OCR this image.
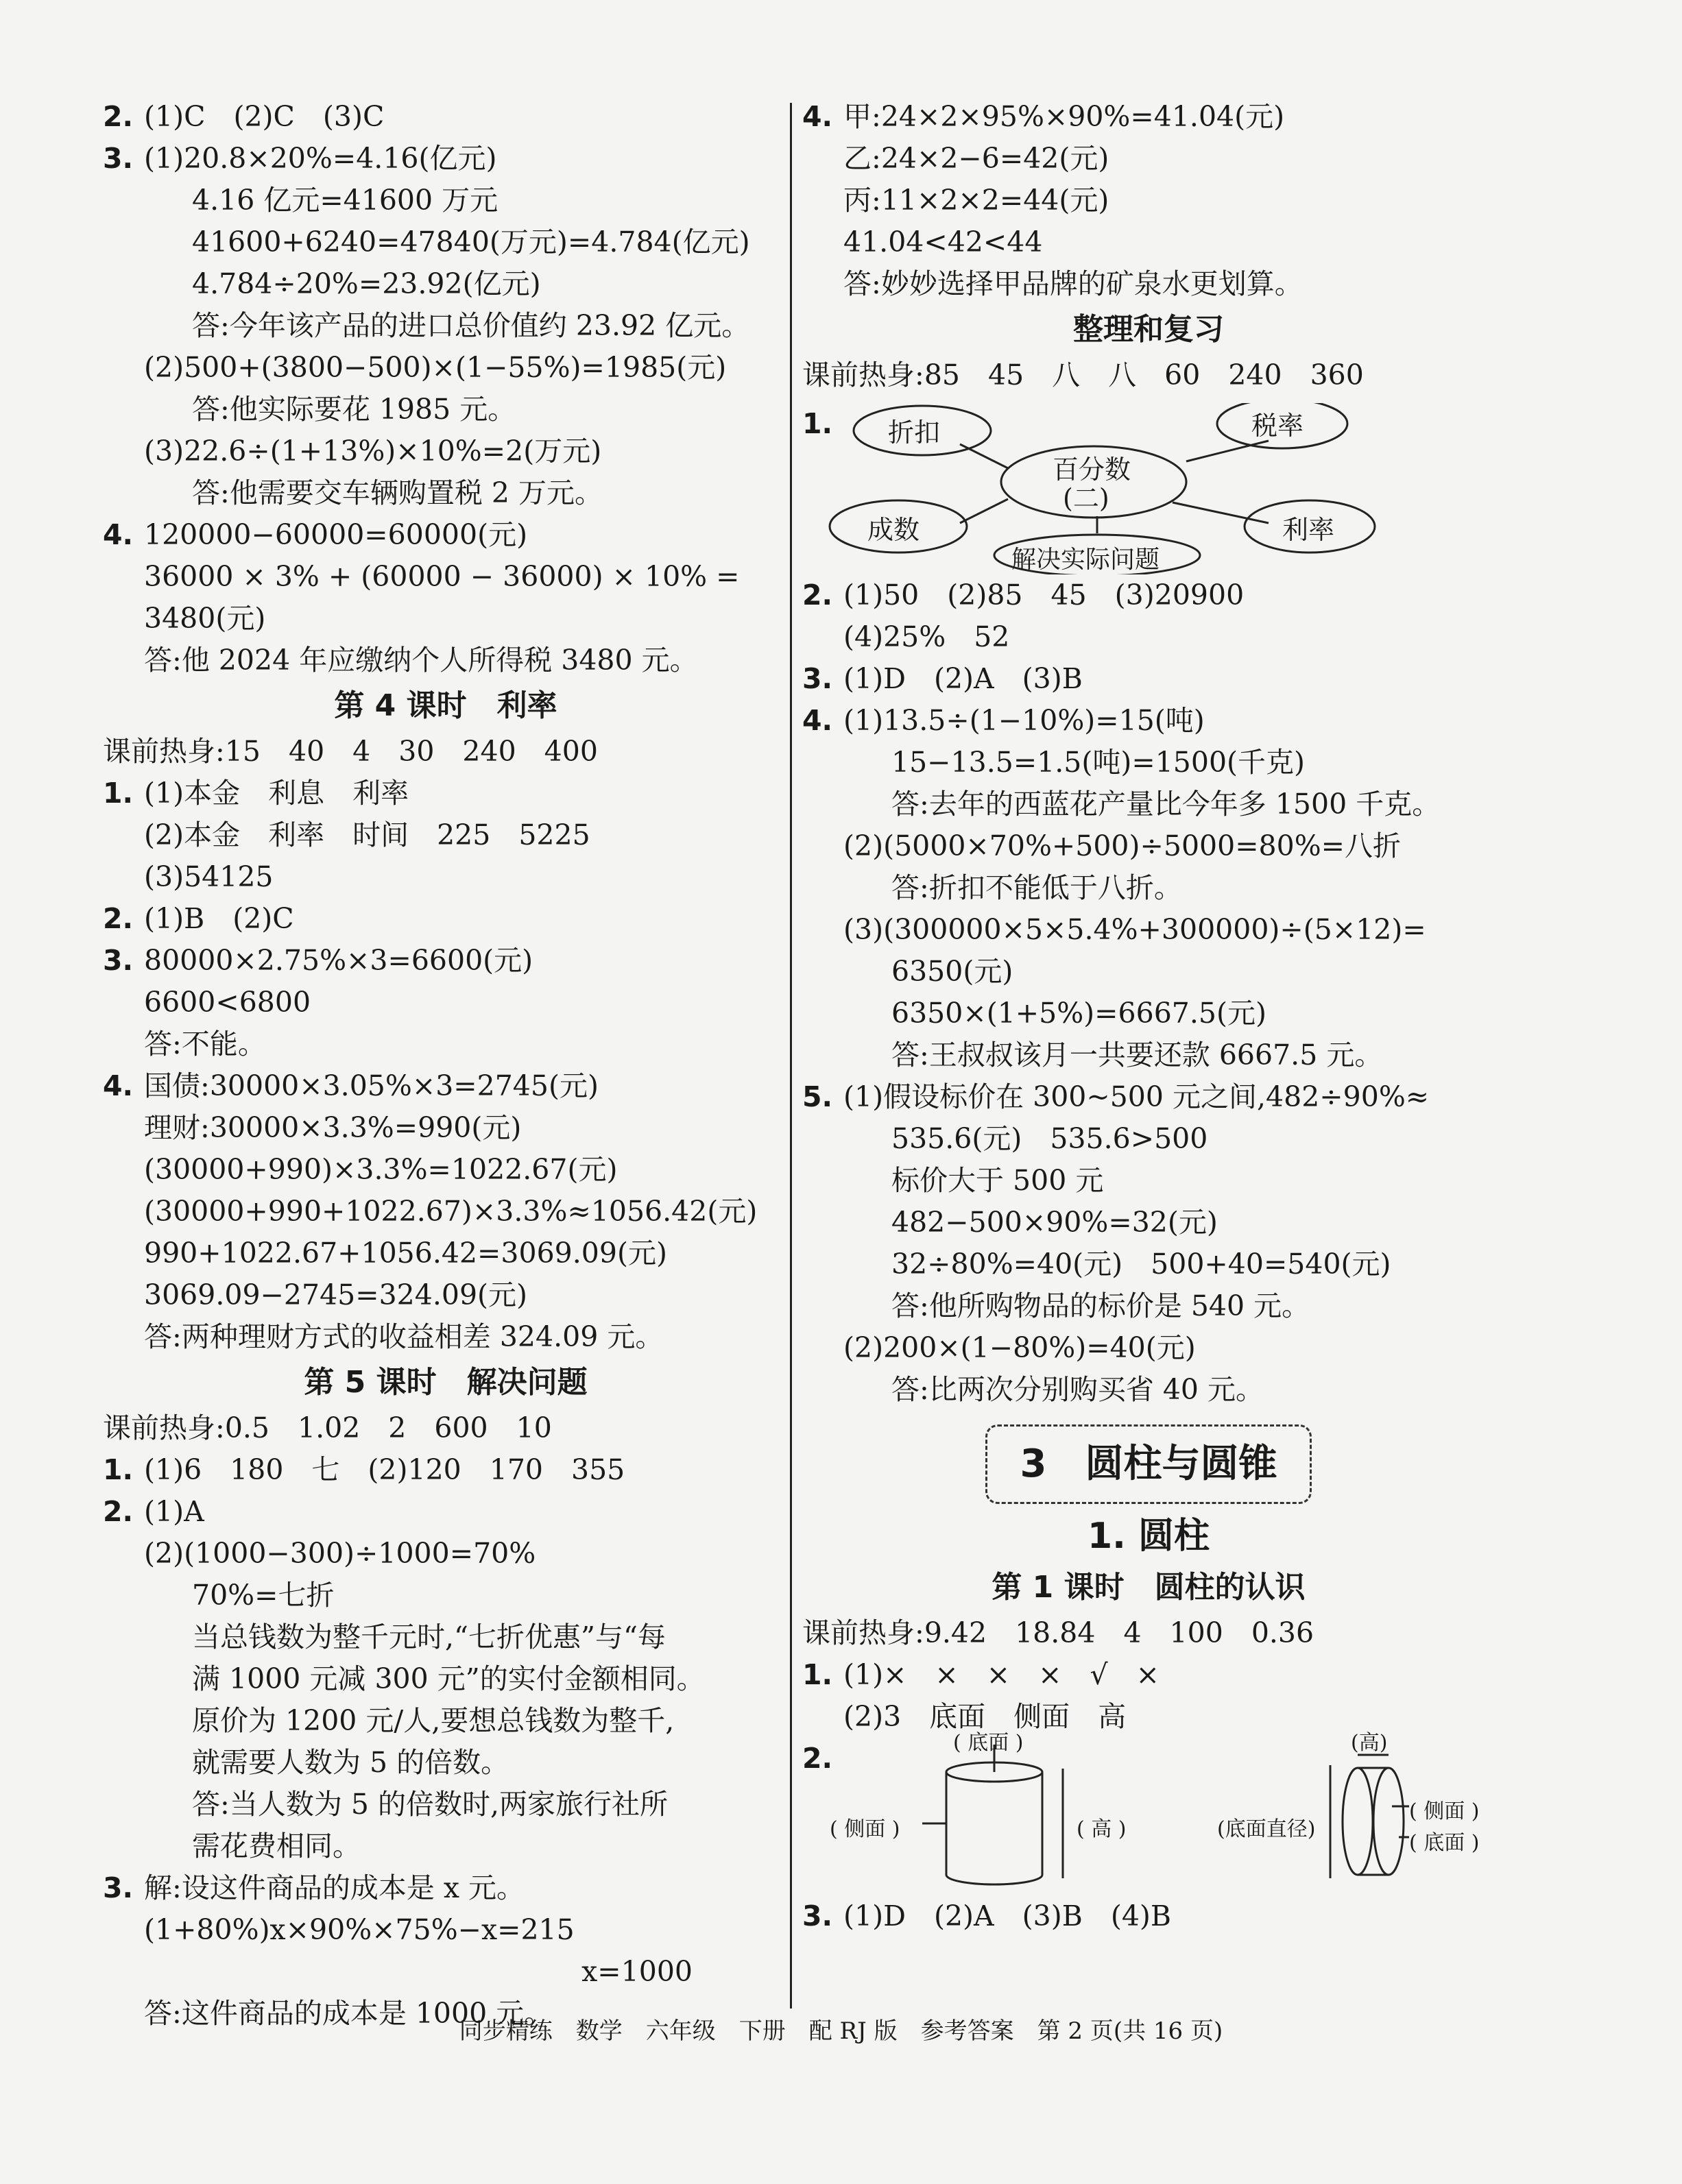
2. (1)C　(2)C　(3)C
3. (1)20.8×20%=4.16(亿元)
4.16 亿元=41600 万元
41600+6240=47840(万元)=4.784(亿元)
4.784÷20%=23.92(亿元)
答:今年该产品的进口总价值约 23.92 亿元。
(2)500+(3800−500)×(1−55%)=1985(元)
答:他实际要花 1985 元。
(3)22.6÷(1+13%)×10%=2(万元)
答:他需要交车辆购置税 2 万元。
4. 120000−60000=60000(元)
36000 × 3% + (60000 − 36000) × 10% =
3480(元)
答:他 2024 年应缴纳个人所得税 3480 元。
第 4 课时　利率
课前热身:15　40　4　30　240　400
1. (1)本金　利息　利率
(2)本金　利率　时间　225　5225
(3)54125
2. (1)B　(2)C
3. 80000×2.75%×3=6600(元)
6600<6800
答:不能。
4. 国债:30000×3.05%×3=2745(元)
理财:30000×3.3%=990(元)
(30000+990)×3.3%=1022.67(元)
(30000+990+1022.67)×3.3%≈1056.42(元)
990+1022.67+1056.42=3069.09(元)
3069.09−2745=324.09(元)
答:两种理财方式的收益相差 324.09 元。
第 5 课时　解决问题
课前热身:0.5　1.02　2　600　10
1. (1)6　180　七　(2)120　170　355
2. (1)A
(2)(1000−300)÷1000=70%
70%=七折
当总钱数为整千元时,“七折优惠”与“每
满 1000 元减 300 元”的实付金额相同。
原价为 1200 元/人,要想总钱数为整千,
就需要人数为 5 的倍数。
答:当人数为 5 的倍数时,两家旅行社所
需花费相同。
3. 解:设这件商品的成本是 x 元。
(1+80%)x×90%×75%−x=215
x=1000
答:这件商品的成本是 1000 元。
4. 甲:24×2×95%×90%=41.04(元)
乙:24×2−6=42(元)
丙:11×2×2=44(元)
41.04<42<44
答:妙妙选择甲品牌的矿泉水更划算。
整理和复习
课前热身:85　45　八　八　60　240　360
1.	折扣	税率
百分数
(二)
成数	利率
解决实际问题
2. (1)50　(2)85　45　(3)20900
(4)25%　52
3. (1)D　(2)A　(3)B
4. (1)13.5÷(1−10%)=15(吨)
15−13.5=1.5(吨)=1500(千克)
答:去年的西蓝花产量比今年多 1500 千克。
(2)(5000×70%+500)÷5000=80%=八折
答:折扣不能低于八折。
(3)(300000×5×5.4%+300000)÷(5×12)=
6350(元)
6350×(1+5%)=6667.5(元)
答:王叔叔该月一共要还款 6667.5 元。
5. (1)假设标价在 300~500 元之间,482÷90%≈
535.6(元)　535.6>500
标价大于 500 元
482−500×90%=32(元)
32÷80%=40(元)　500+40=540(元)
答:他所购物品的标价是 540 元。
(2)200×(1−80%)=40(元)
答:比两次分别购买省 40 元。
3　圆柱与圆锥
1. 圆柱
第 1 课时　圆柱的认识
课前热身:9.42　18.84　4　100　0.36
1. (1)×　×　×　×　√　×
(2)3　底面　侧面　高
2.	( 底面 )
( 侧面 )	( 高 )
(高)
(底面直径)
( 侧面 )
( 底面 )
3. (1)D　(2)A　(3)B　(4)B
同步精练　数学　六年级　下册　配 RJ 版　参考答案　第 2 页(共 16 页)
